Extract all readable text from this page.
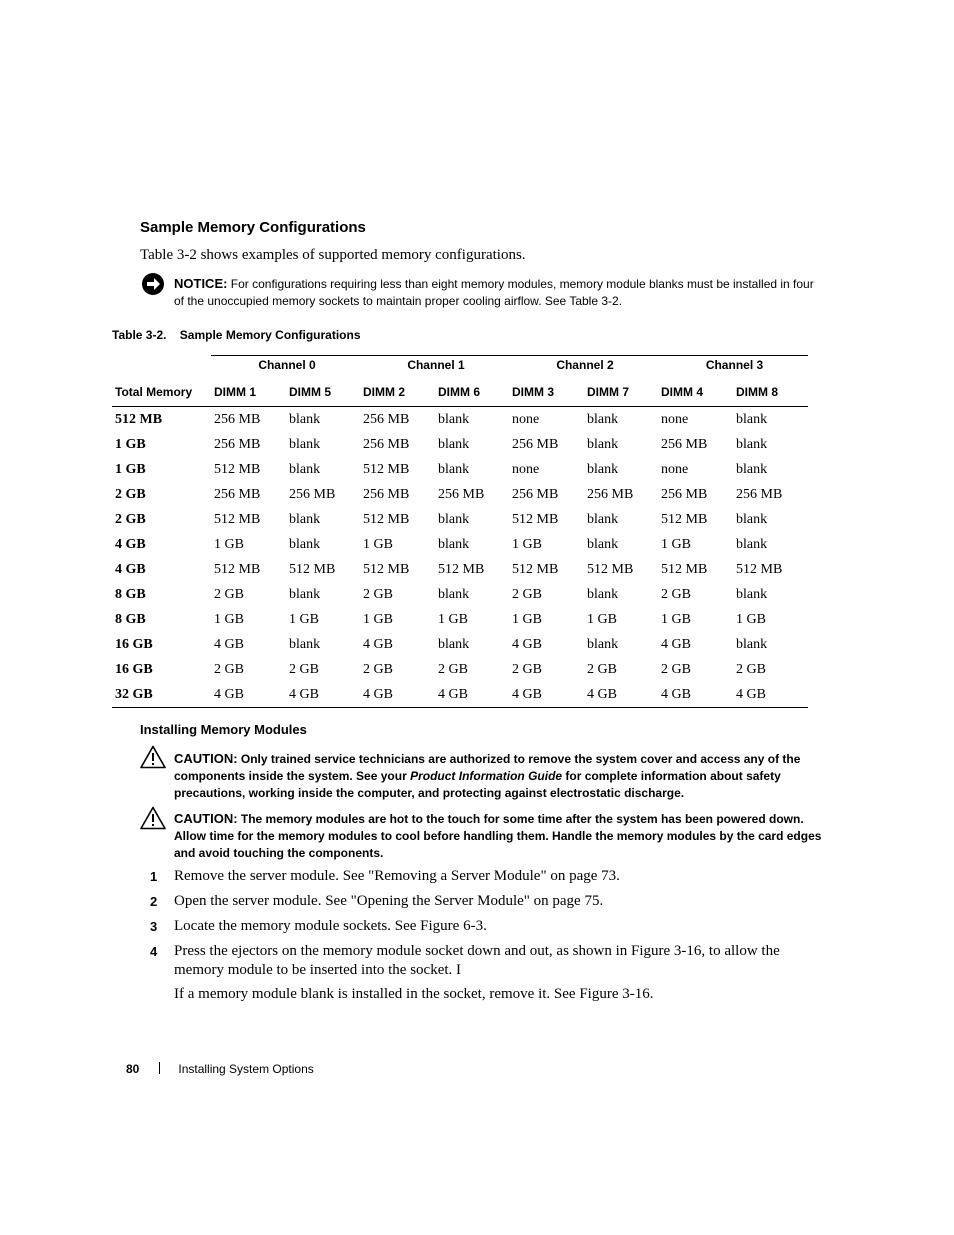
Sample Memory Configurations
Table 3-2 shows examples of supported memory configurations.
NOTICE: For configurations requiring less than eight memory modules, memory module blanks must be installed in four of the unoccupied memory sockets to maintain proper cooling airflow. See Table 3-2.
Table 3-2.    Sample Memory Configurations
	Channel 0		Channel 1		Channel 2		Channel 3	
Total Memory	DIMM 1	DIMM 5	DIMM 2	DIMM 6	DIMM 3	DIMM 7	DIMM 4	DIMM 8
512 MB	256 MB	blank	256 MB	blank	none	blank	none	blank
1 GB	256 MB	blank	256 MB	blank	256 MB	blank	256 MB	blank
1 GB	512 MB	blank	512 MB	blank	none	blank	none	blank
2 GB	256 MB	256 MB	256 MB	256 MB	256 MB	256 MB	256 MB	256 MB
2 GB	512 MB	blank	512 MB	blank	512 MB	blank	512 MB	blank
4 GB	1 GB	blank	1 GB	blank	1 GB	blank	1 GB	blank
4 GB	512 MB	512 MB	512 MB	512 MB	512 MB	512 MB	512 MB	512 MB
8 GB	2 GB	blank	2 GB	blank	2 GB	blank	2 GB	blank
8 GB	1 GB	1 GB	1 GB	1 GB	1 GB	1 GB	1 GB	1 GB
16 GB	4 GB	blank	4 GB	blank	4 GB	blank	4 GB	blank
16 GB	2 GB	2 GB	2 GB	2 GB	2 GB	2 GB	2 GB	2 GB
32 GB	4 GB	4 GB	4 GB	4 GB	4 GB	4 GB	4 GB	4 GB
Installing Memory Modules
CAUTION: Only trained service technicians are authorized to remove the system cover and access any of the components inside the system. See your Product Information Guide for complete information about safety precautions, working inside the computer, and protecting against electrostatic discharge.
CAUTION: The memory modules are hot to the touch for some time after the system has been powered down. Allow time for the memory modules to cool before handling them. Handle the memory modules by the card edges and avoid touching the components.
1 Remove the server module. See "Removing a Server Module" on page 73.
2 Open the server module. See "Opening the Server Module" on page 75.
3 Locate the memory module sockets. See Figure 6-3.
4 Press the ejectors on the memory module socket down and out, as shown in Figure 3-16, to allow the memory module to be inserted into the socket. I
If a memory module blank is installed in the socket, remove it. See Figure 3-16.
80	Installing System Options
